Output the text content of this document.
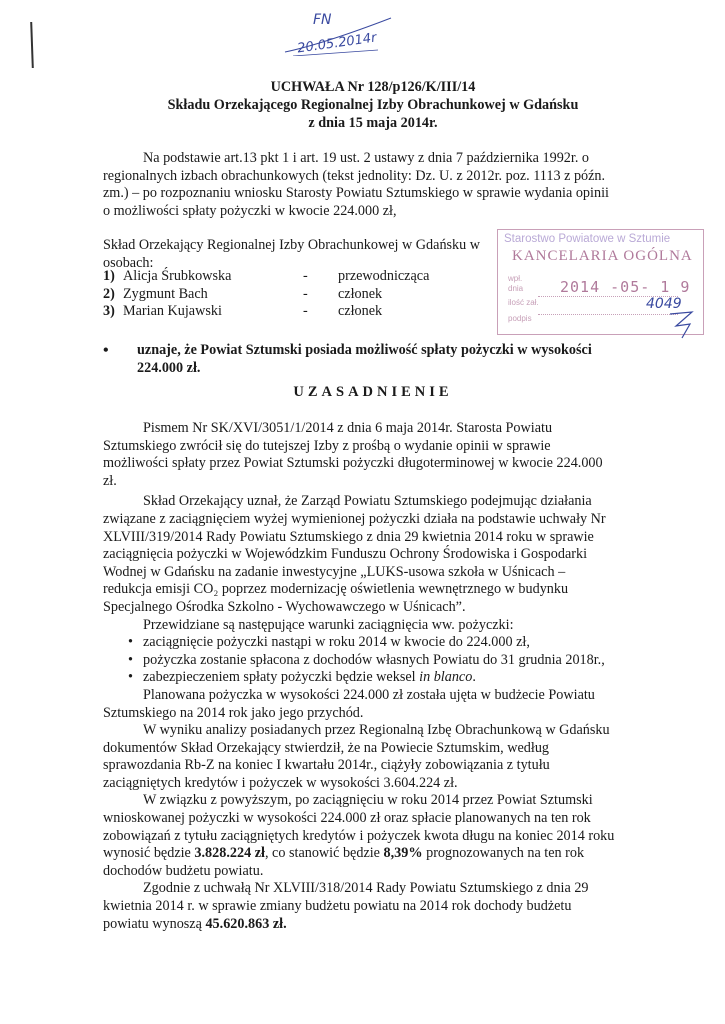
FN
20.05.2014r
UCHWAŁA Nr 128/p126/K/III/14
Składu Orzekającego Regionalnej Izby Obrachunkowej w Gdańsku
z dnia 15 maja 2014r.
Na podstawie art.13 pkt 1 i art. 19 ust. 2 ustawy z dnia 7 października 1992r. o
regionalnych izbach obrachunkowych (tekst jednolity: Dz. U. z 2012r. poz. 1113 z późn.
zm.) – po rozpoznaniu wniosku Starosty Powiatu Sztumskiego w sprawie wydania opinii
o możliwości spłaty pożyczki w kwocie 224.000 zł,
Skład Orzekający Regionalnej Izby Obrachunkowej w Gdańsku w osobach:
1) Alicja Śrubkowska	- przewodnicząca
2) Zygmunt Bach	- członek
3) Marian Kujawski	- członek
•	uznaje, że Powiat Sztumski posiada możliwość spłaty pożyczki w wysokości
224.000 zł.
UZASADNIENIE
Pismem Nr SK/XVI/3051/1/2014 z dnia 6 maja 2014r. Starosta Powiatu
Sztumskiego zwrócił się do tutejszej Izby z prośbą o wydanie opinii w sprawie
możliwości spłaty przez Powiat Sztumski pożyczki długoterminowej w kwocie 224.000
zł.
Skład Orzekający uznał, że Zarząd Powiatu Sztumskiego podejmując działania
związane z zaciągnięciem wyżej wymienionej pożyczki działa na podstawie uchwały Nr
XLVIII/319/2014 Rady Powiatu Sztumskiego z dnia 29 kwietnia 2014 roku w sprawie
zaciągnięcia pożyczki w Wojewódzkim Funduszu Ochrony Środowiska i Gospodarki
Wodnej w Gdańsku na zadanie inwestycyjne „LUKS-usowa szkoła w Uśnicach –
redukcja emisji CO₂ poprzez modernizację oświetlenia wewnętrznego w budynku
Specjalnego Ośrodka Szkolno - Wychowawczego w Uśnicach”.
Przewidziane są następujące warunki zaciągnięcia ww. pożyczki:
• zaciągnięcie pożyczki nastąpi w roku 2014 w kwocie do 224.000 zł,
• pożyczka zostanie spłacona z dochodów własnych Powiatu do 31 grudnia 2018r.,
• zabezpieczeniem spłaty pożyczki będzie weksel in blanco.
Planowana pożyczka w wysokości 224.000 zł została ujęta w budżecie Powiatu
Sztumskiego na 2014 rok jako jego przychód.
W wyniku analizy posiadanych przez Regionalną Izbę Obrachunkową w Gdańsku
dokumentów Skład Orzekający stwierdził, że na Powiecie Sztumskim, według
sprawozdania Rb-Z na koniec I kwartału 2014r., ciążyły zobowiązania z tytułu
zaciągniętych kredytów i pożyczek w wysokości 3.604.224 zł.
W związku z powyższym, po zaciągnięciu w roku 2014 przez Powiat Sztumski
wnioskowanej pożyczki w wysokości 224.000 zł oraz spłacie planowanych na ten rok
zobowiązań z tytułu zaciągniętych kredytów i pożyczek kwota długu na koniec 2014 roku
wynosić będzie 3.828.224 zł, co stanowić będzie 8,39% prognozowanych na ten rok
dochodów budżetu powiatu.
Zgodnie z uchwałą Nr XLVIII/318/2014 Rady Powiatu Sztumskiego z dnia 29
kwietnia 2014 r. w sprawie zmiany budżetu powiatu na 2014 rok dochody budżetu
powiatu wynoszą 45.620.863 zł.
Starostwo Powiatowe w Sztumie
KANCELARIA OGÓLNA
wpł.
dnia 2014 -05- 1 9
ilość zał.	4049
podpis
